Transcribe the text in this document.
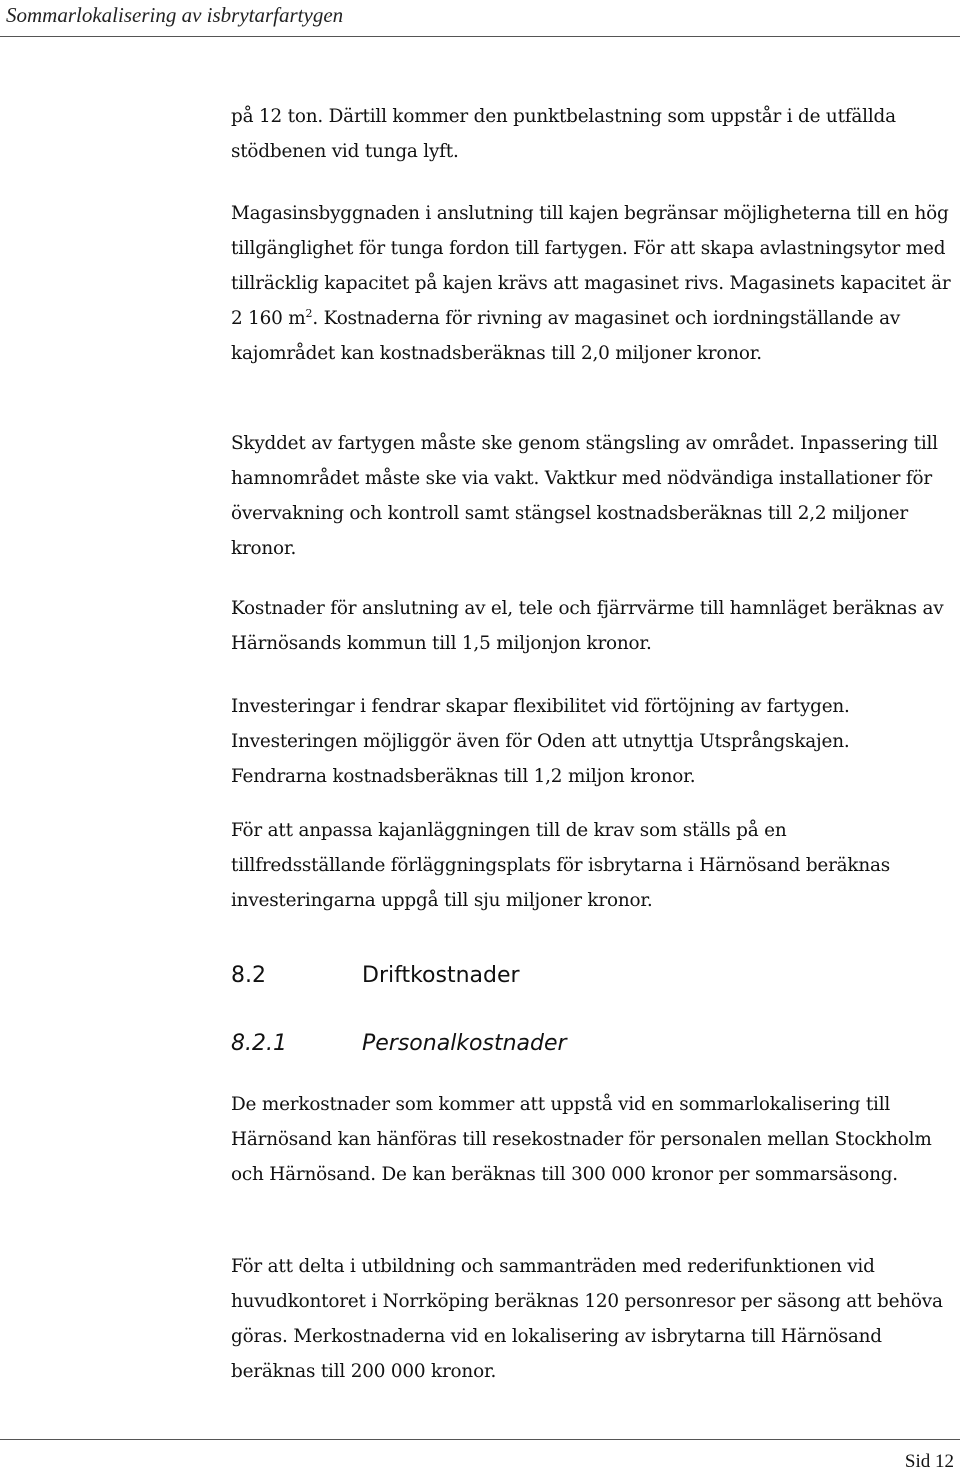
Sommarlokalisering av isbrytarfartygen

på 12 ton. Därtill kommer den punktbelastning som uppstår i de utfällda stödbenen vid tunga lyft.

Magasinsbyggnaden i anslutning till kajen begränsar möjligheterna till en hög tillgänglighet för tunga fordon till fartygen. För att skapa avlastningsytor med tillräcklig kapacitet på kajen krävs att magasinet rivs. Magasinets kapacitet är 2 160 $m^2$. Kostnaderna för rivning av magasinet och iordningställande av kajområdet kan kostnadsberäknas till 2,0 miljoner kronor.

Skyddet av fartygen måste ske genom stängsling av området. Inpassering till hamnområdet måste ske via vakt. Vaktkur med nödvändiga installationer för övervakning och kontroll samt stängsel kostnadsberäknas till 2,2 miljoner kronor.

Kostnader för anslutning av el, tele och fjärrvärme till hamnläget beräknas av Härnösands kommun till 1,5 miljonjon kronor.

Investeringar i fendrar skapar flexibilitet vid förtöjning av fartygen. Investeringen möjliggör även för Oden att utnyttja Utsprångskajen. Fendrarna kostnadsberäknas till 1,2 miljon kronor.

För att anpassa kajanläggningen till de krav som ställs på en tillfredsställande förläggningsplats för isbrytarna i Härnösand beräknas investeringarna uppgå till sju miljoner kronor.

8.2	Driftkostnader
8.2.1	Personalkostnader

De merkostnader som kommer att uppstå vid en sommarlokalisering till Härnösand kan hänföras till resekostnader för personalen mellan Stockholm och Härnösand. De kan beräknas till 300 000 kronor per sommarsäsong.

För att delta i utbildning och sammanträden med rederifunktionen vid huvudkontoret i Norrköping beräknas 120 personresor per säsong att behöva göras. Merkostnaderna vid en lokalisering av isbrytarna till Härnösand beräknas till 200 000 kronor.

Sid 12
